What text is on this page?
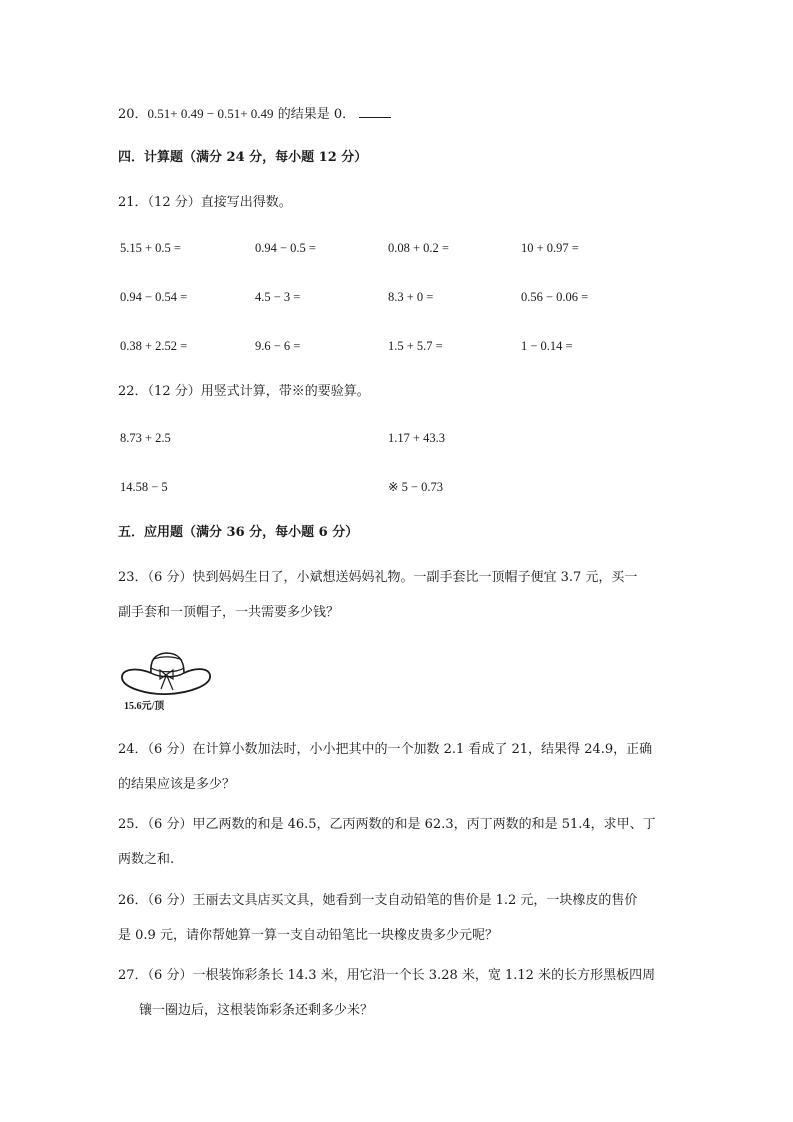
20．0.51+ 0.49 − 0.51+ 0.49 的结果是 0．
四．计算题（满分 24 分，每小题 12 分）
21．（12 分）直接写出得数。
5.15 + 0.5 =	0.94 − 0.5 =	0.08 + 0.2 =	10 + 0.97 =
0.94 − 0.54 =	4.5 − 3 =	8.3 + 0 =	0.56 − 0.06 =
0.38 + 2.52 =	9.6 − 6 =	1.5 + 5.7 =	1 − 0.14 =
22．（12 分）用竖式计算，带※的要验算。
8.73 + 2.5	1.17 + 43.3
14.58 − 5	※ 5 − 0.73
五．应用题（满分 36 分，每小题 6 分）
23．（6 分）快到妈妈生日了，小斌想送妈妈礼物。一副手套比一顶帽子便宜 3.7 元，买一
副手套和一顶帽子，一共需要多少钱？
15.6元/顶
24．（6 分）在计算小数加法时，小小把其中的一个加数 2.1 看成了 21，结果得 24.9，正确
的结果应该是多少？
25．（6 分）甲乙两数的和是 46.5，乙丙两数的和是 62.3，丙丁两数的和是 51.4，求甲、丁
两数之和.
26．（6 分）王丽去文具店买文具，她看到一支自动铅笔的售价是 1.2 元，一块橡皮的售价
是 0.9 元，请你帮她算一算一支自动铅笔比一块橡皮贵多少元呢？
27．（6 分）一根装饰彩条长 14.3 米，用它沿一个长 3.28 米，宽 1.12 米的长方形黑板四周
镶一圈边后，这根装饰彩条还剩多少米？
